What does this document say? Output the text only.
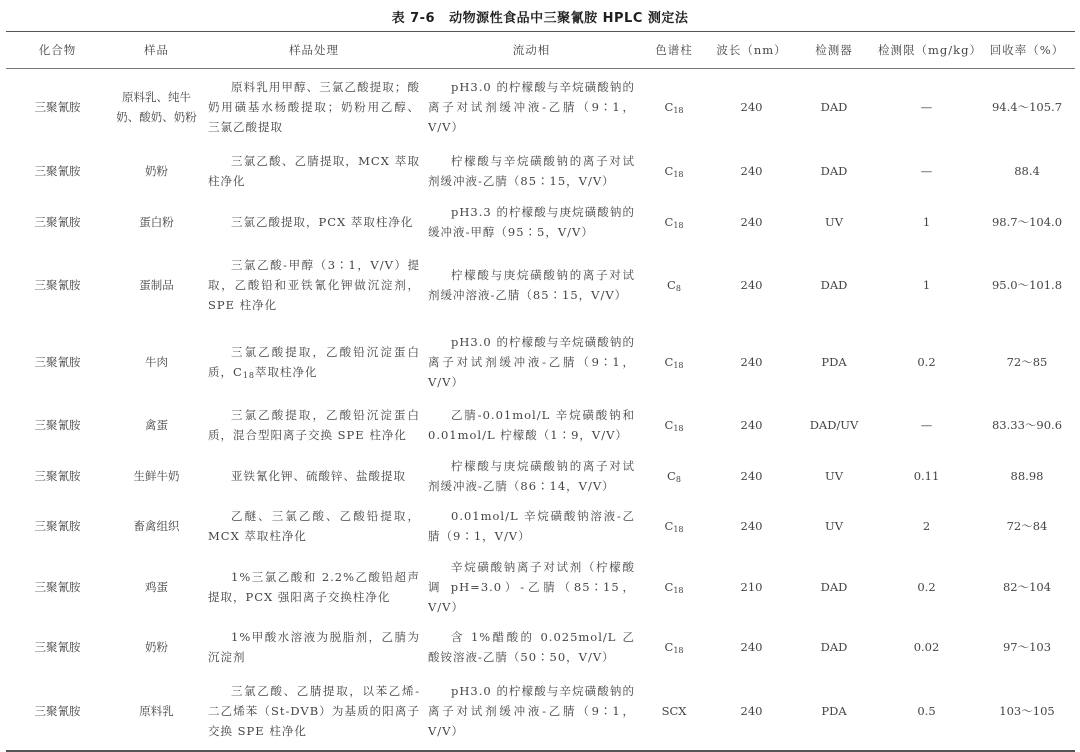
表 7-6 动物源性食品中三聚氰胺 HPLC 测定法
化合物	样品	样品处理	流动相	色谱柱	波长（nm）	检测器	检测限（mg/kg）	回收率（%）
三聚氰胺	原料乳、纯牛奶、酸奶、奶粉	原料乳用甲醇、三氯乙酸提取；酸奶用磺基水杨酸提取；奶粉用乙醇、三氯乙酸提取	pH3.0 的柠檬酸与辛烷磺酸钠的离子对试剂缓冲液-乙腈（9∶1，V/V）	$C_{18}$	240	DAD	—	94.4～105.7
三聚氰胺	奶粉	三氯乙酸、乙腈提取，MCX 萃取柱净化	柠檬酸与辛烷磺酸钠的离子对试剂缓冲液-乙腈（85∶15，V/V）	$C_{18}$	240	DAD	—	88.4
三聚氰胺	蛋白粉	三氯乙酸提取，PCX 萃取柱净化	pH3.3 的柠檬酸与庚烷磺酸钠的缓冲液-甲醇（95∶5，V/V）	$C_{18}$	240	UV	1	98.7～104.0
三聚氰胺	蛋制品	三氯乙酸-甲醇（3∶1，V/V）提取，乙酸铅和亚铁氰化钾做沉淀剂，SPE 柱净化	柠檬酸与庚烷磺酸钠的离子对试剂缓冲溶液-乙腈（85∶15，V/V）	$C_8$	240	DAD	1	95.0～101.8
三聚氰胺	牛肉	三氯乙酸提取，乙酸铅沉淀蛋白质，$C_{18}$萃取柱净化	pH3.0 的柠檬酸与辛烷磺酸钠的离子对试剂缓冲液-乙腈（9∶1，V/V）	$C_{18}$	240	PDA	0.2	72～85
三聚氰胺	禽蛋	三氯乙酸提取，乙酸铅沉淀蛋白质，混合型阳离子交换 SPE 柱净化	乙腈-0.01mol/L 辛烷磺酸钠和 0.01mol/L 柠檬酸（1∶9，V/V）	$C_{18}$	240	DAD/UV	—	83.33～90.6
三聚氰胺	生鲜牛奶	亚铁氰化钾、硫酸锌、盐酸提取	柠檬酸与庚烷磺酸钠的离子对试剂缓冲液-乙腈（86∶14，V/V）	$C_8$	240	UV	0.11	88.98
三聚氰胺	畜禽组织	乙醚、三氯乙酸、乙酸铅提取，MCX 萃取柱净化	0.01mol/L 辛烷磺酸钠溶液-乙腈（9∶1，V/V）	$C_{18}$	240	UV	2	72～84
三聚氰胺	鸡蛋	1%三氯乙酸和 2.2%乙酸铅超声提取，PCX 强阳离子交换柱净化	辛烷磺酸钠离子对试剂（柠檬酸调 pH=3.0）-乙腈（85∶15，V/V）	$C_{18}$	210	DAD	0.2	82～104
三聚氰胺	奶粉	1%甲酸水溶液为脱脂剂，乙腈为沉淀剂	含 1%醋酸的 0.025mol/L 乙酸铵溶液-乙腈（50∶50，V/V）	$C_{18}$	240	DAD	0.02	97～103
三聚氰胺	原料乳	三氯乙酸、乙腈提取，以苯乙烯-二乙烯苯（St-DVB）为基质的阳离子交换 SPE 柱净化	pH3.0 的柠檬酸与辛烷磺酸钠的离子对试剂缓冲液-乙腈（9∶1，V/V）	SCX	240	PDA	0.5	103～105
